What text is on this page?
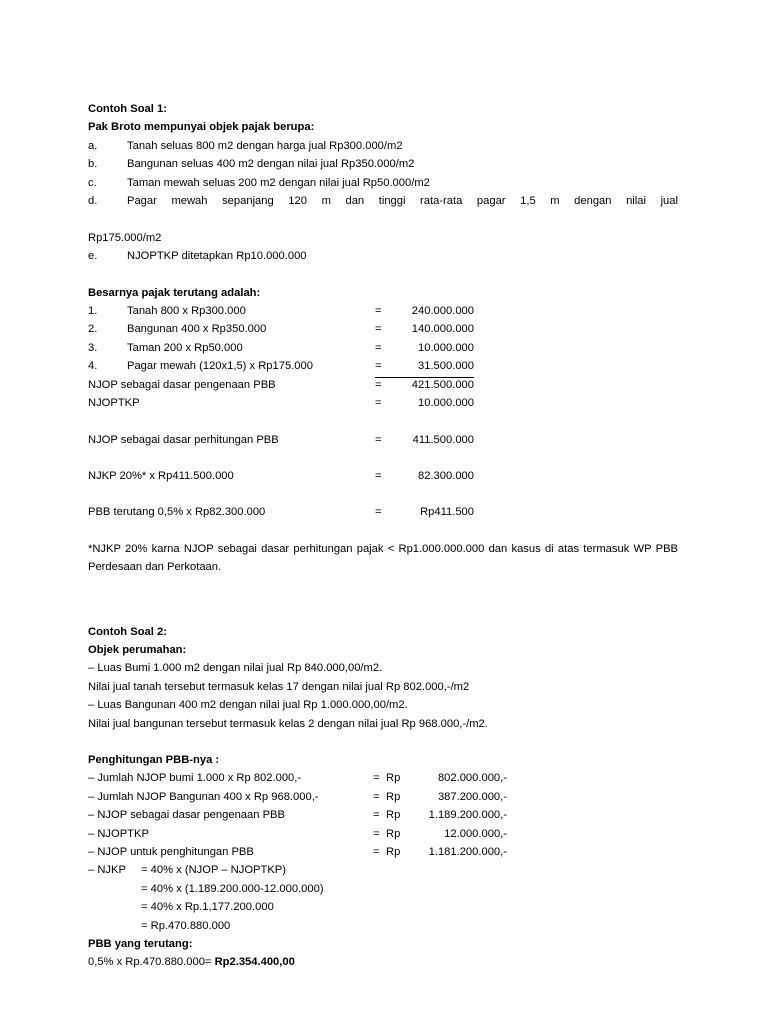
Contoh Soal 1:

Pak Broto mempunyai objek pajak berupa:

a.	Tanah seluas 800 m2 dengan harga jual Rp300.000/m2
b.	Bangunan seluas 400 m2 dengan nilai jual Rp350.000/m2
c.	Taman mewah seluas 200 m2 dengan nilai jual Rp50.000/m2
d.	Pagar mewah sepanjang 120 m dan tinggi rata-rata pagar 1,5 m dengan nilai jual

Rp175.000/m2

e.	NJOPTKP ditetapkan Rp10.000.000

Besarnya pajak terutang adalah:

1.	Tanah 800 x Rp300.000	=	240.000.000
2.	Bangunan 400 x Rp350.000	=	140.000.000
3.	Taman 200 x Rp50.000	=	10.000.000
4.	Pagar mewah (120x1,5) x Rp175.000	=	31.500.000
NJOP sebagai dasar pengenaan PBB	=	421.500.000
NJOPTKP	=	10.000.000
NJOP sebagai dasar perhitungan PBB	=	411.500.000
NJKP 20%* x Rp411.500.000	=	82.300.000
PBB terutang 0,5% x Rp82.300.000	=	Rp411.500

*NJKP 20% karna NJOP sebagai dasar perhitungan pajak < Rp1.000.000.000 dan kasus di atas termasuk WP PBB Perdesaan dan Perkotaan.

Contoh Soal 2:

Objek perumahan:

– Luas Bumi 1.000 m2 dengan nilai jual Rp 840.000,00/m2.

Nilai jual tanah tersebut termasuk kelas 17 dengan nilai jual Rp 802.000,-/m2

– Luas Bangunan 400 m2 dengan nilai jual Rp 1.000.000,00/m2.

Nilai jual bangunan tersebut termasuk kelas 2 dengan nilai jual Rp 968.000,-/m2.

Penghitungan PBB-nya :

– Jumlah NJOP bumi 1.000 x Rp 802.000,-	= Rp	802.000.000,-
– Jumlah NJOP Bangunan 400 x Rp 968.000,-	= Rp	387.200.000,-
– NJOP sebagai dasar pengenaan PBB	= Rp	1.189.200.000,-
– NJOPTKP	= Rp	12.000.000,-
– NJOP untuk penghitungan PBB	= Rp	1.181.200.000,-
– NJKP	= 40% x (NJOP – NJOPTKP)

= 40% x (1.189.200.000-12.000.000)

= 40% x Rp.1,177.200.000

= Rp.470.880.000

PBB yang terutang:

0,5% x Rp.470.880.000= Rp2.354.400,00
